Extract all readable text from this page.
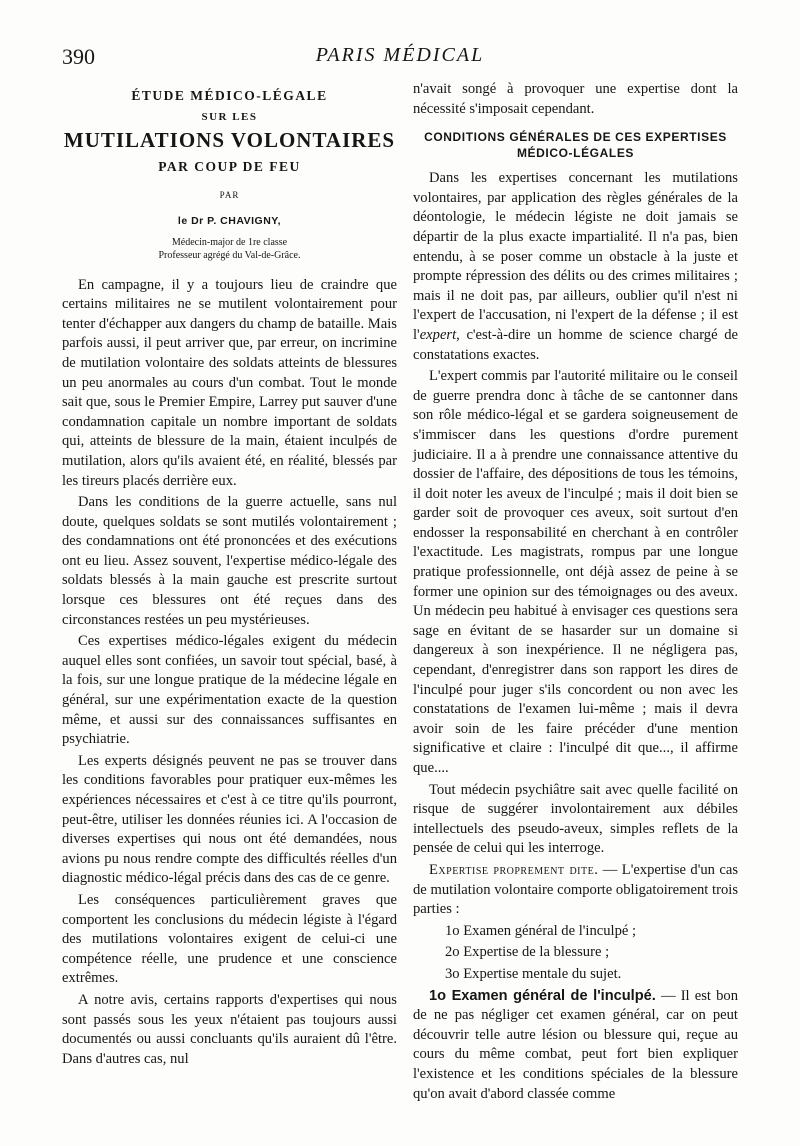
390	PARIS MÉDICAL
ÉTUDE MÉDICO-LÉGALE
SUR LES
MUTILATIONS VOLONTAIRES
PAR COUP DE FEU
PAR
le Dr P. CHAVIGNY,
Médecin-major de 1re classe
Professeur agrégé du Val-de-Grâce.

En campagne, il y a toujours lieu de craindre que certains militaires ne se mutilent volontairement pour tenter d'échapper aux dangers du champ de bataille. Mais parfois aussi, il peut arriver que, par erreur, on incrimine de mutilation volontaire des soldats atteints de blessures un peu anormales au cours d'un combat. Tout le monde sait que, sous le Premier Empire, Larrey put sauver d'une condamnation capitale un nombre important de soldats qui, atteints de blessure de la main, étaient inculpés de mutilation, alors qu'ils avaient été, en réalité, blessés par les tireurs placés derrière eux.

Dans les conditions de la guerre actuelle, sans nul doute, quelques soldats se sont mutilés volontairement ; des condamnations ont été prononcées et des exécutions ont eu lieu. Assez souvent, l'expertise médico-légale des soldats blessés à la main gauche est prescrite surtout lorsque ces blessures ont été reçues dans des circonstances restées un peu mystérieuses.

Ces expertises médico-légales exigent du médecin auquel elles sont confiées, un savoir tout spécial, basé, à la fois, sur une longue pratique de la médecine légale en général, sur une expérimentation exacte de la question même, et aussi sur des connaissances suffisantes en psychiatrie.

Les experts désignés peuvent ne pas se trouver dans les conditions favorables pour pratiquer eux-mêmes les expériences nécessaires et c'est à ce titre qu'ils pourront, peut-être, utiliser les données réunies ici. A l'occasion de diverses expertises qui nous ont été demandées, nous avions pu nous rendre compte des difficultés réelles d'un diagnostic médico-légal précis dans des cas de ce genre.

Les conséquences particulièrement graves que comportent les conclusions du médecin légiste à l'égard des mutilations volontaires exigent de celui-ci une compétence réelle, une prudence et une conscience extrêmes.

A notre avis, certains rapports d'expertises qui nous sont passés sous les yeux n'étaient pas toujours aussi documentés ou aussi concluants qu'ils auraient dû l'être. Dans d'autres cas, nul

n'avait songé à provoquer une expertise dont la nécessité s'imposait cependant.

CONDITIONS GÉNÉRALES DE CES EXPERTISES MÉDICO-LÉGALES

Dans les expertises concernant les mutilations volontaires, par application des règles générales de la déontologie, le médecin légiste ne doit jamais se départir de la plus exacte impartialité. Il n'a pas, bien entendu, à se poser comme un obstacle à la juste et prompte répression des délits ou des crimes militaires ; mais il ne doit pas, par ailleurs, oublier qu'il n'est ni l'expert de l'accusation, ni l'expert de la défense ; il est l'expert, c'est-à-dire un homme de science chargé de constatations exactes.

L'expert commis par l'autorité militaire ou le conseil de guerre prendra donc à tâche de se cantonner dans son rôle médico-légal et se gardera soigneusement de s'immiscer dans les questions d'ordre purement judiciaire. Il a à prendre une connaissance attentive du dossier de l'affaire, des dépositions de tous les témoins, il doit noter les aveux de l'inculpé ; mais il doit bien se garder soit de provoquer ces aveux, soit surtout d'en endosser la responsabilité en cherchant à en contrôler l'exactitude. Les magistrats, rompus par une longue pratique professionnelle, ont déjà assez de peine à se former une opinion sur des témoignages ou des aveux. Un médecin peu habitué à envisager ces questions sera sage en évitant de se hasarder sur un domaine si dangereux à son inexpérience. Il ne négligera pas, cependant, d'enregistrer dans son rapport les dires de l'inculpé pour juger s'ils concordent ou non avec les constatations de l'examen lui-même ; mais il devra avoir soin de les faire précéder d'une mention significative et claire : l'inculpé dit que..., il affirme que....

Tout médecin psychiâtre sait avec quelle facilité on risque de suggérer involontairement aux débiles intellectuels des pseudo-aveux, simples reflets de la pensée de celui qui les interroge.

Expertise proprement dite. — L'expertise d'un cas de mutilation volontaire comporte obligatoirement trois parties :

1o Examen général de l'inculpé ;

2o Expertise de la blessure ;

3o Expertise mentale du sujet.

1o Examen général de l'inculpé. — Il est bon de ne pas négliger cet examen général, car on peut découvrir telle autre lésion ou blessure qui, reçue au cours du même combat, peut fort bien expliquer l'existence et les conditions spéciales de la blessure qu'on avait d'abord classée comme
